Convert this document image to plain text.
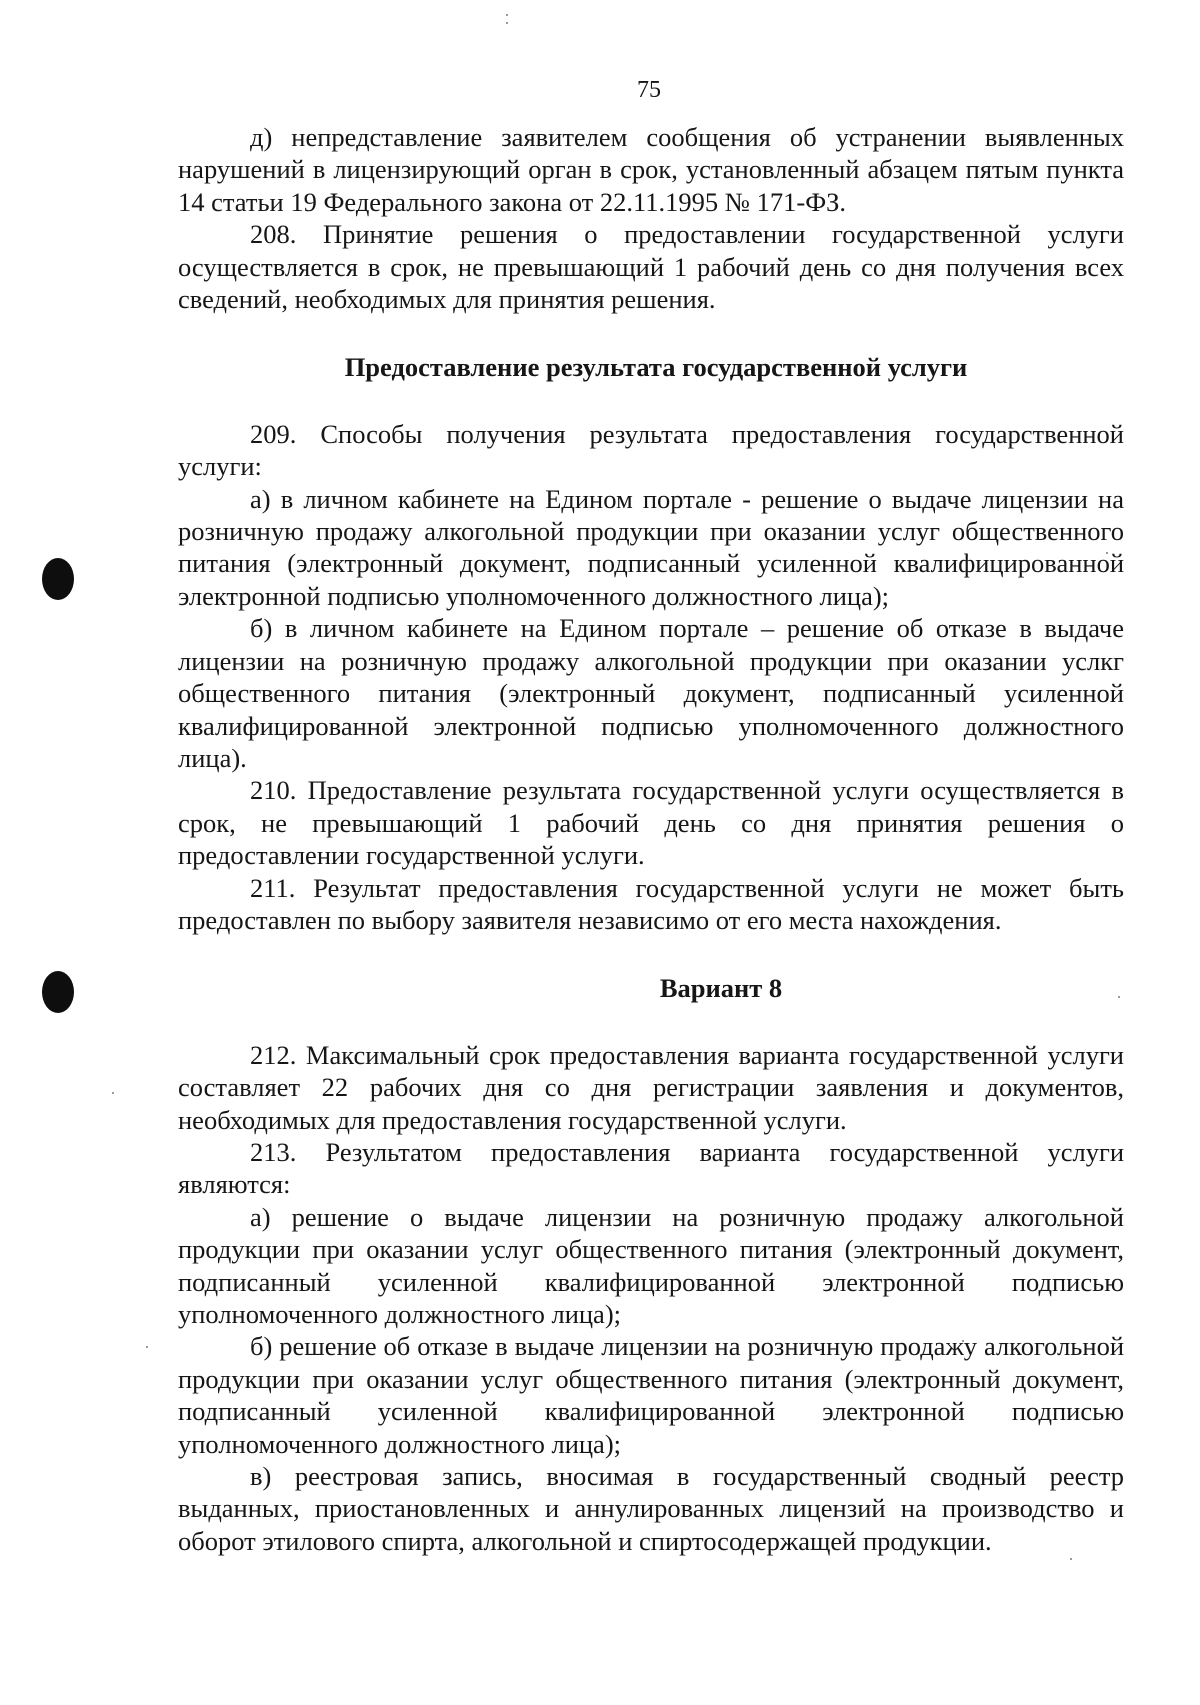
75

д) непредставление заявителем сообщения об устранении выявленных нарушений в лицензирующий орган в срок, установленный абзацем пятым пункта 14 статьи 19 Федерального закона от 22.11.1995 № 171-ФЗ.

208. Принятие решения о предоставлении государственной услуги осуществляется в срок, не превышающий 1 рабочий день со дня получения всех сведений, необходимых для принятия решения.

Предоставление результата государственной услуги

209. Способы получения результата предоставления государственной услуги:

а) в личном кабинете на Едином портале - решение о выдаче лицензии на розничную продажу алкогольной продукции при оказании услуг общественного питания (электронный документ, подписанный усиленной квалифицированной электронной подписью уполномоченного должностного лица);

б) в личном кабинете на Едином портале – решение об отказе в выдаче лицензии на розничную продажу алкогольной продукции при оказании услкг общественного питания (электронный документ, подписанный усиленной квалифицированной электронной подписью уполномоченного должностного лица).

210. Предоставление результата государственной услуги осуществляется в срок, не превышающий 1 рабочий день со дня принятия решения о предоставлении государственной услуги.

211. Результат предоставления государственной услуги не может быть предоставлен по выбору заявителя независимо от его места нахождения.

Вариант 8

212. Максимальный срок предоставления варианта государственной услуги составляет 22 рабочих дня со дня регистрации заявления и документов, необходимых для предоставления государственной услуги.

213. Результатом предоставления варианта государственной услуги являются:

а) решение о выдаче лицензии на розничную продажу алкогольной продукции при оказании услуг общественного питания (электронный документ, подписанный усиленной квалифицированной электронной подписью уполномоченного должностного лица);

б) решение об отказе в выдаче лицензии на розничную продажу алкогольной продукции при оказании услуг общественного питания (электронный документ, подписанный усиленной квалифицированной электронной подписью уполномоченного должностного лица);

в) реестровая запись, вносимая в государственный сводный реестр выданных, приостановленных и аннулированных лицензий на производство и оборот этилового спирта, алкогольной и спиртосодержащей продукции.
